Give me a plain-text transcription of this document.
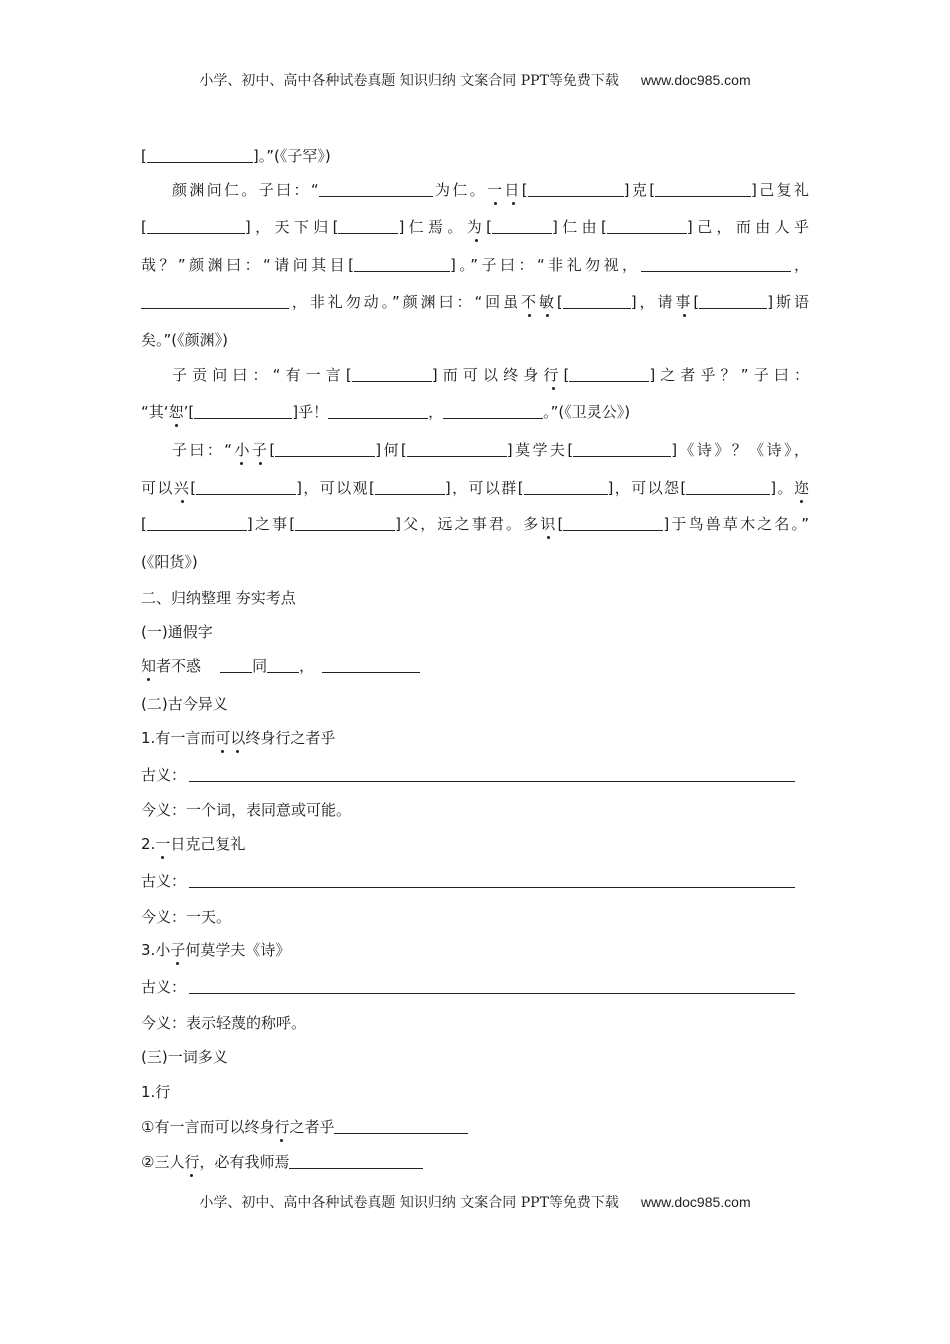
小学、初中、高中各种试卷真题 知识归纳 文案合同 PPT等免费下载 www.doc985.com
[	]。”(《子罕》)
颜渊问仁。子曰：“	为仁。一日[	]克[	]己复礼
[	]，天下归[	]仁焉。为[	]仁由[	]己，而由人乎
哉？”颜渊曰：“请问其目[	]。”子曰：“非礼勿视，	，
，非礼勿动。”颜渊曰：“回虽不敏[	]，请事[	]斯语
矣。”(《颜渊》)
子贡问曰：“有一言[	]而可以终身行[	]之者乎？”子曰：
“其‘恕’[	]乎！	，	。”(《卫灵公》)
子曰：“小子[	]何[	]莫学夫[	]《诗》？《诗》，
可以兴[	]，可以观[	]，可以群[	]，可以怨[	]。迩
[	]之事[	]父，远之事君。多识[	]于鸟兽草木之名。”
(《阳货》)
二、归纳整理 夯实考点
(一)通假字
知者不惑	同 ，
(二)古今异义
1.有一言而可以终身行之者乎
古义：
今义：一个词，表同意或可能。
2.一日克己复礼
古义：
今义：一天。
3.小子何莫学夫《诗》
古义：
今义：表示轻蔑的称呼。
(三)一词多义
1.行
①有一言而可以终身行之者乎
②三人行，必有我师焉
小学、初中、高中各种试卷真题 知识归纳 文案合同 PPT等免费下载 www.doc985.com
